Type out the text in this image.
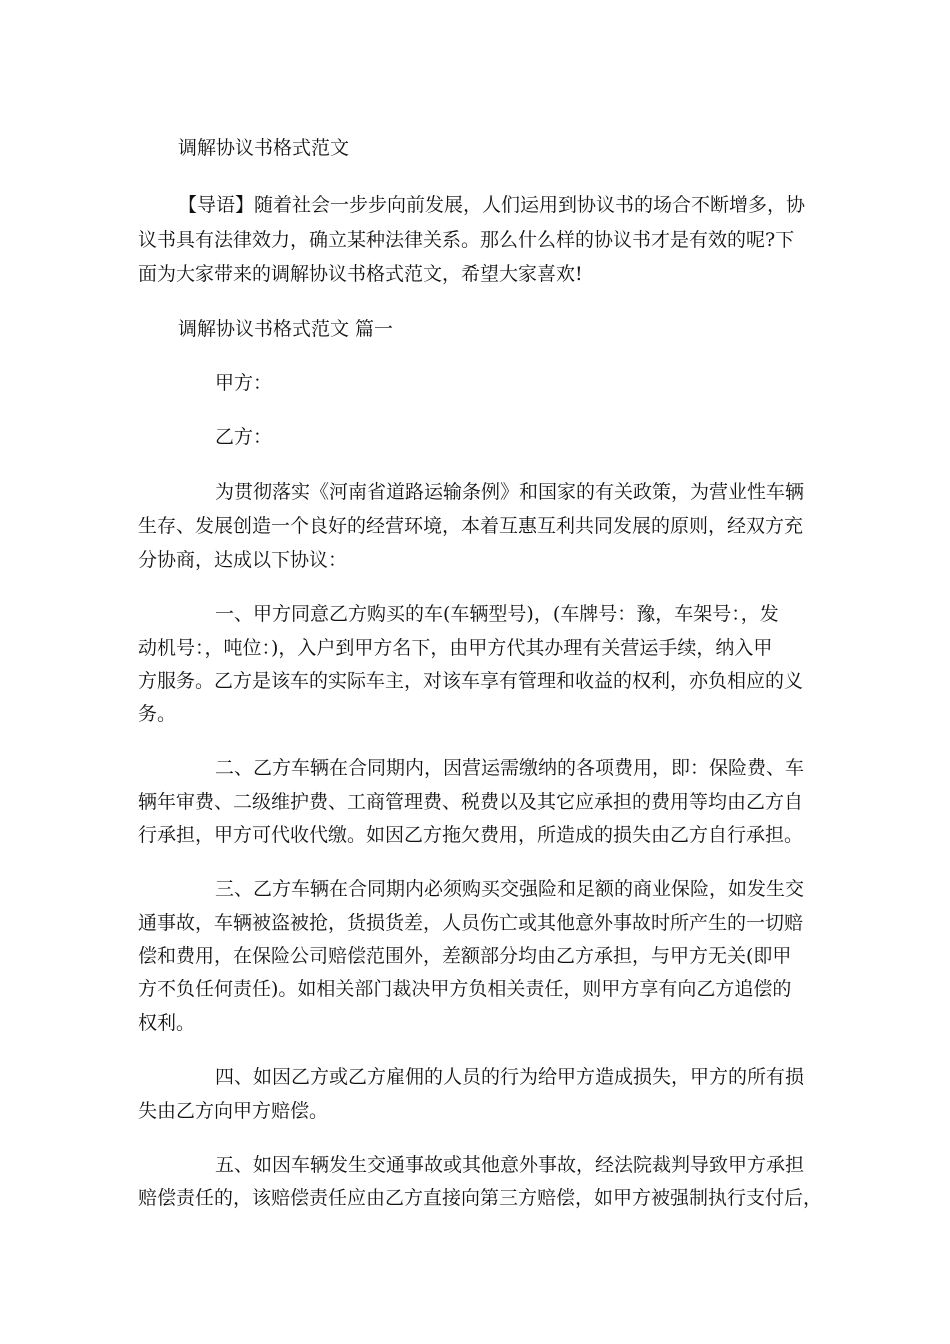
调解协议书格式范文
【导语】随着社会一步步向前发展，人们运用到协议书的场合不断增多，协
议书具有法律效力，确立某种法律关系。那么什么样的协议书才是有效的呢?下
面为大家带来的调解协议书格式范文，希望大家喜欢!
调解协议书格式范文 篇一
甲方：
乙方：
为贯彻落实《河南省道路运输条例》和国家的有关政策，为营业性车辆
生存、发展创造一个良好的经营环境，本着互惠互利共同发展的原则，经双方充
分协商，达成以下协议：
一、甲方同意乙方购买的车(车辆型号)，(车牌号：豫，车架号：，发
动机号：，吨位：)，入户到甲方名下，由甲方代其办理有关营运手续，纳入甲
方服务。乙方是该车的实际车主，对该车享有管理和收益的权利，亦负相应的义
务。
二、乙方车辆在合同期内，因营运需缴纳的各项费用，即：保险费、车
辆年审费、二级维护费、工商管理费、税费以及其它应承担的费用等均由乙方自
行承担，甲方可代收代缴。如因乙方拖欠费用，所造成的损失由乙方自行承担。
三、乙方车辆在合同期内必须购买交强险和足额的商业保险，如发生交
通事故，车辆被盗被抢，货损货差，人员伤亡或其他意外事故时所产生的一切赔
偿和费用，在保险公司赔偿范围外，差额部分均由乙方承担，与甲方无关(即甲
方不负任何责任)。如相关部门裁决甲方负相关责任，则甲方享有向乙方追偿的
权利。
四、如因乙方或乙方雇佣的人员的行为给甲方造成损失，甲方的所有损
失由乙方向甲方赔偿。
五、如因车辆发生交通事故或其他意外事故，经法院裁判导致甲方承担
赔偿责任的，该赔偿责任应由乙方直接向第三方赔偿，如甲方被强制执行支付后，
